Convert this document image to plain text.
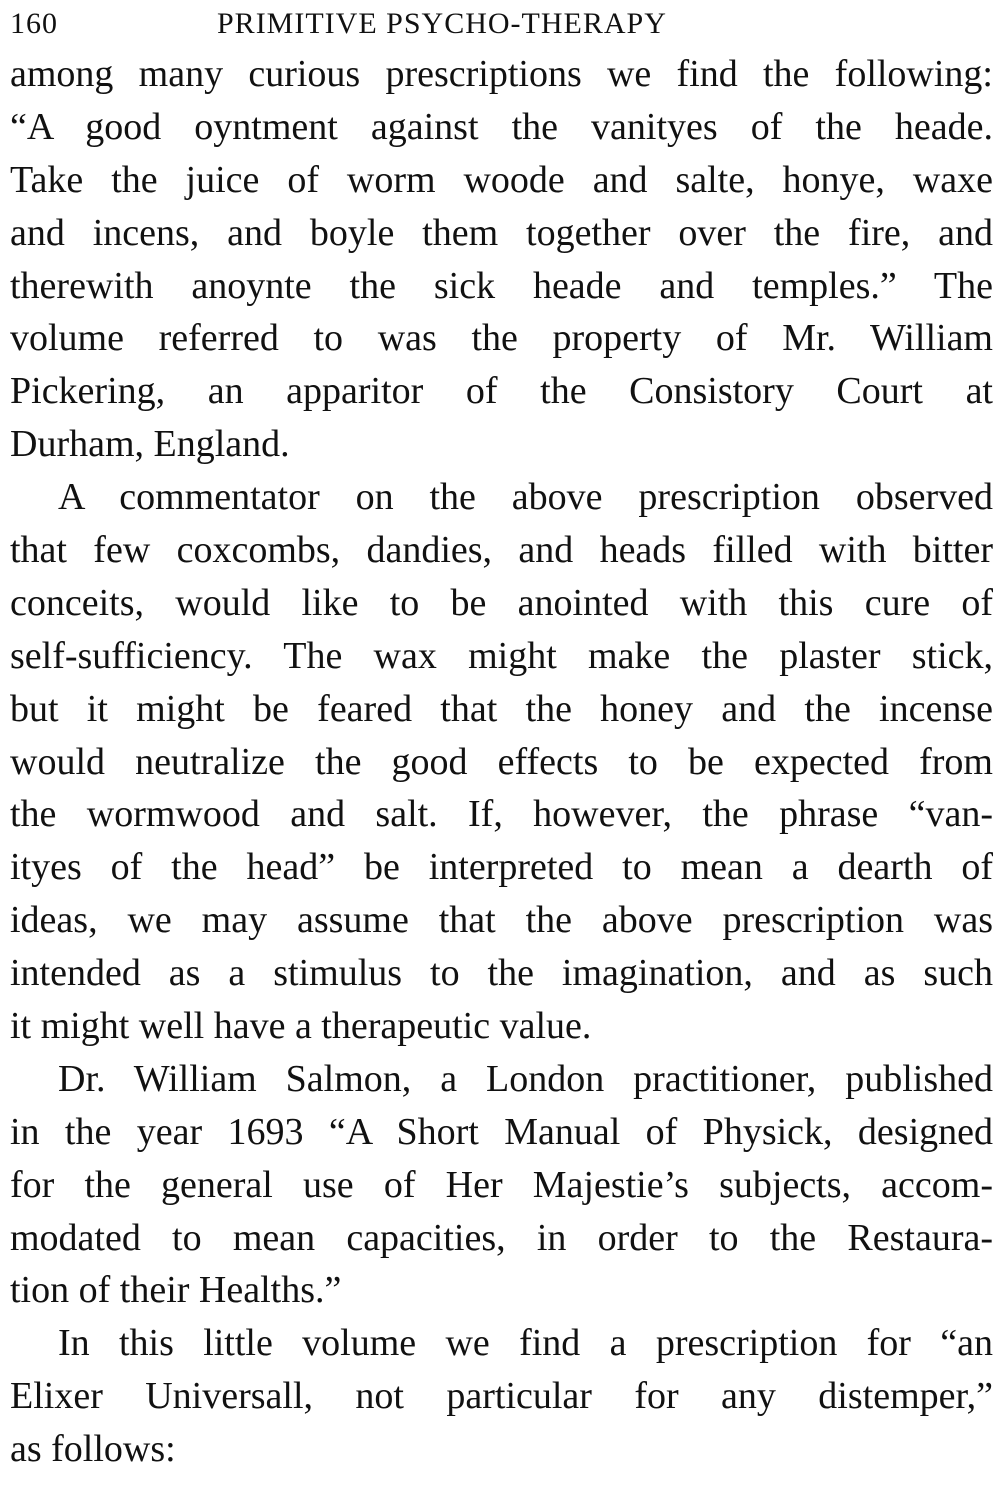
160	PRIMITIVE PSYCHO-THERAPY

among many curious prescriptions we find the following:
“A good oyntment against the vanityes of the heade.
Take the juice of worm woode and salte, honye, waxe
and incens, and boyle them together over the fire, and
therewith anoynte the sick heade and temples.” The
volume referred to was the property of Mr. William
Pickering, an apparitor of the Consistory Court at
Durham, England.

A commentator on the above prescription observed
that few coxcombs, dandies, and heads filled with bitter
conceits, would like to be anointed with this cure of
self-sufficiency. The wax might make the plaster stick,
but it might be feared that the honey and the incense
would neutralize the good effects to be expected from
the wormwood and salt. If, however, the phrase “van-
ityes of the head” be interpreted to mean a dearth of
ideas, we may assume that the above prescription was
intended as a stimulus to the imagination, and as such
it might well have a therapeutic value.

Dr. William Salmon, a London practitioner, published
in the year 1693 “A Short Manual of Physick, designed
for the general use of Her Majestie’s subjects, accom-
modated to mean capacities, in order to the Restaura-
tion of their Healths.”

In this little volume we find a prescription for “an
Elixer Universall, not particular for any distemper,”
as follows:
